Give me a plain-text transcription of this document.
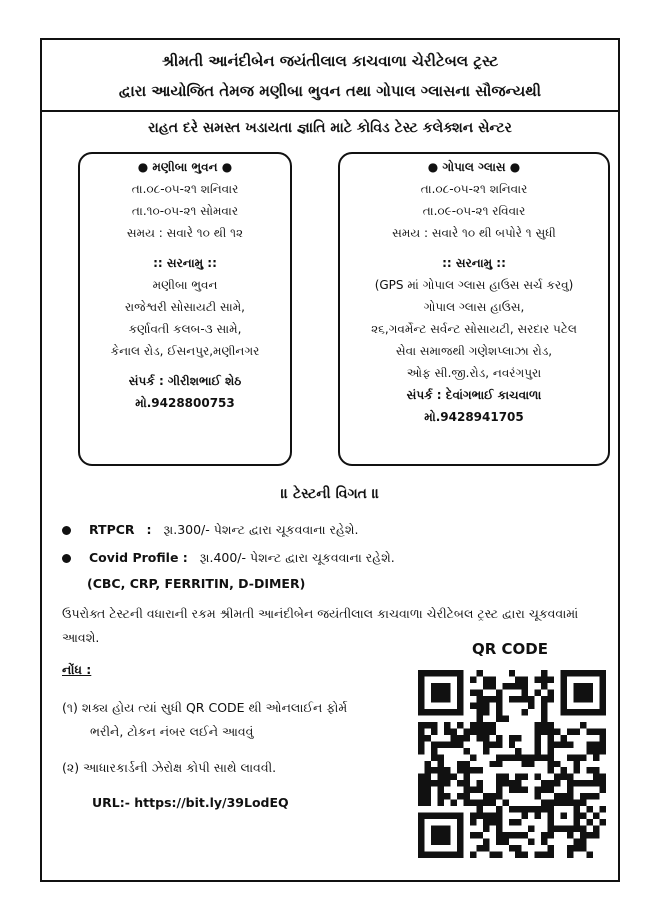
શ્રીમતી આનંદીબેન જયંતીલાલ કાચવાળા ચેરીટેબલ ટ્રસ્ટ
દ્વારા આયોજિત તેમજ મણીબા ભુવન તથા ગોપાલ ગ્લાસના સૌજન્યથી
રાહત દરે સમસ્ત ખડાયતા જ્ઞાતિ માટે કોવિડ ટેસ્ટ કલેક્શન સેન્ટર

● મણીબા ભુવન ●

તા.૦૮-૦૫-૨૧ શનિવાર

તા.૧૦-૦૫-૨૧ સોમવાર

સમય : સવારે ૧૦ થી ૧૨

:: સરનામુ ::

મણીબા ભુવન

રાજેશ્વરી સોસાયટી સામે,

કર્ણાવતી કલબ-૩ સામે,

કેનાલ રોડ, ઈસનપુર,મણીનગર

સંપર્ક : ગીરીશભાઈ શેઠ

મો.9428800753

● ગોપાલ ગ્લાસ ●

તા.૦૮-૦૫-૨૧ શનિવાર

તા.૦૯-૦૫-૨૧ રવિવાર

સમય : સવારે ૧૦ થી બપોરે ૧ સુધી

:: સરનામુ ::

(GPS માં ગોપાલ ગ્લાસ હાઉસ સર્ચ કરવુ)

ગોપાલ ગ્લાસ હાઉસ,

૨૬,ગવર્મેન્ટ સર્વન્ટ સોસાયટી, સરદાર પટેલ

સેવા સમાજથી ગણેશપ્લાઝા રોડ,

ઓફ સી.જી.રોડ, નવરંગપુરા

સંપર્ક : દેવાંગભાઈ કાચવાળા

મો.9428941705

॥ ટેસ્ટની વિગત ॥
RTPCR : રૂા.300/- પેશન્ટ દ્વારા ચૂકવવાના રહેશે.
Covid Profile : રૂા.400/- પેશન્ટ દ્વારા ચૂકવવાના રહેશે.
(CBC, CRP, FERRITIN, D-DIMER)
ઉપરોક્ત ટેસ્ટની વધારાની રકમ શ્રીમતી આનંદીબેન જયંતીલાલ કાચવાળા ચેરીટેબલ ટ્રસ્ટ દ્વારા ચૂકવવામાં આવશે.
નોંધ :
(૧) શક્ય હોય ત્યાં સુધી QR CODE થી ઓનલાઈન ફોર્મ
ભરીને, ટોકન નંબર લઈને આવવું
(૨) આધારકાર્ડની ઝેરોક્ષ કોપી સાથે લાવવી.
URL:- https://bit.ly/39LodEQ
QR CODE
